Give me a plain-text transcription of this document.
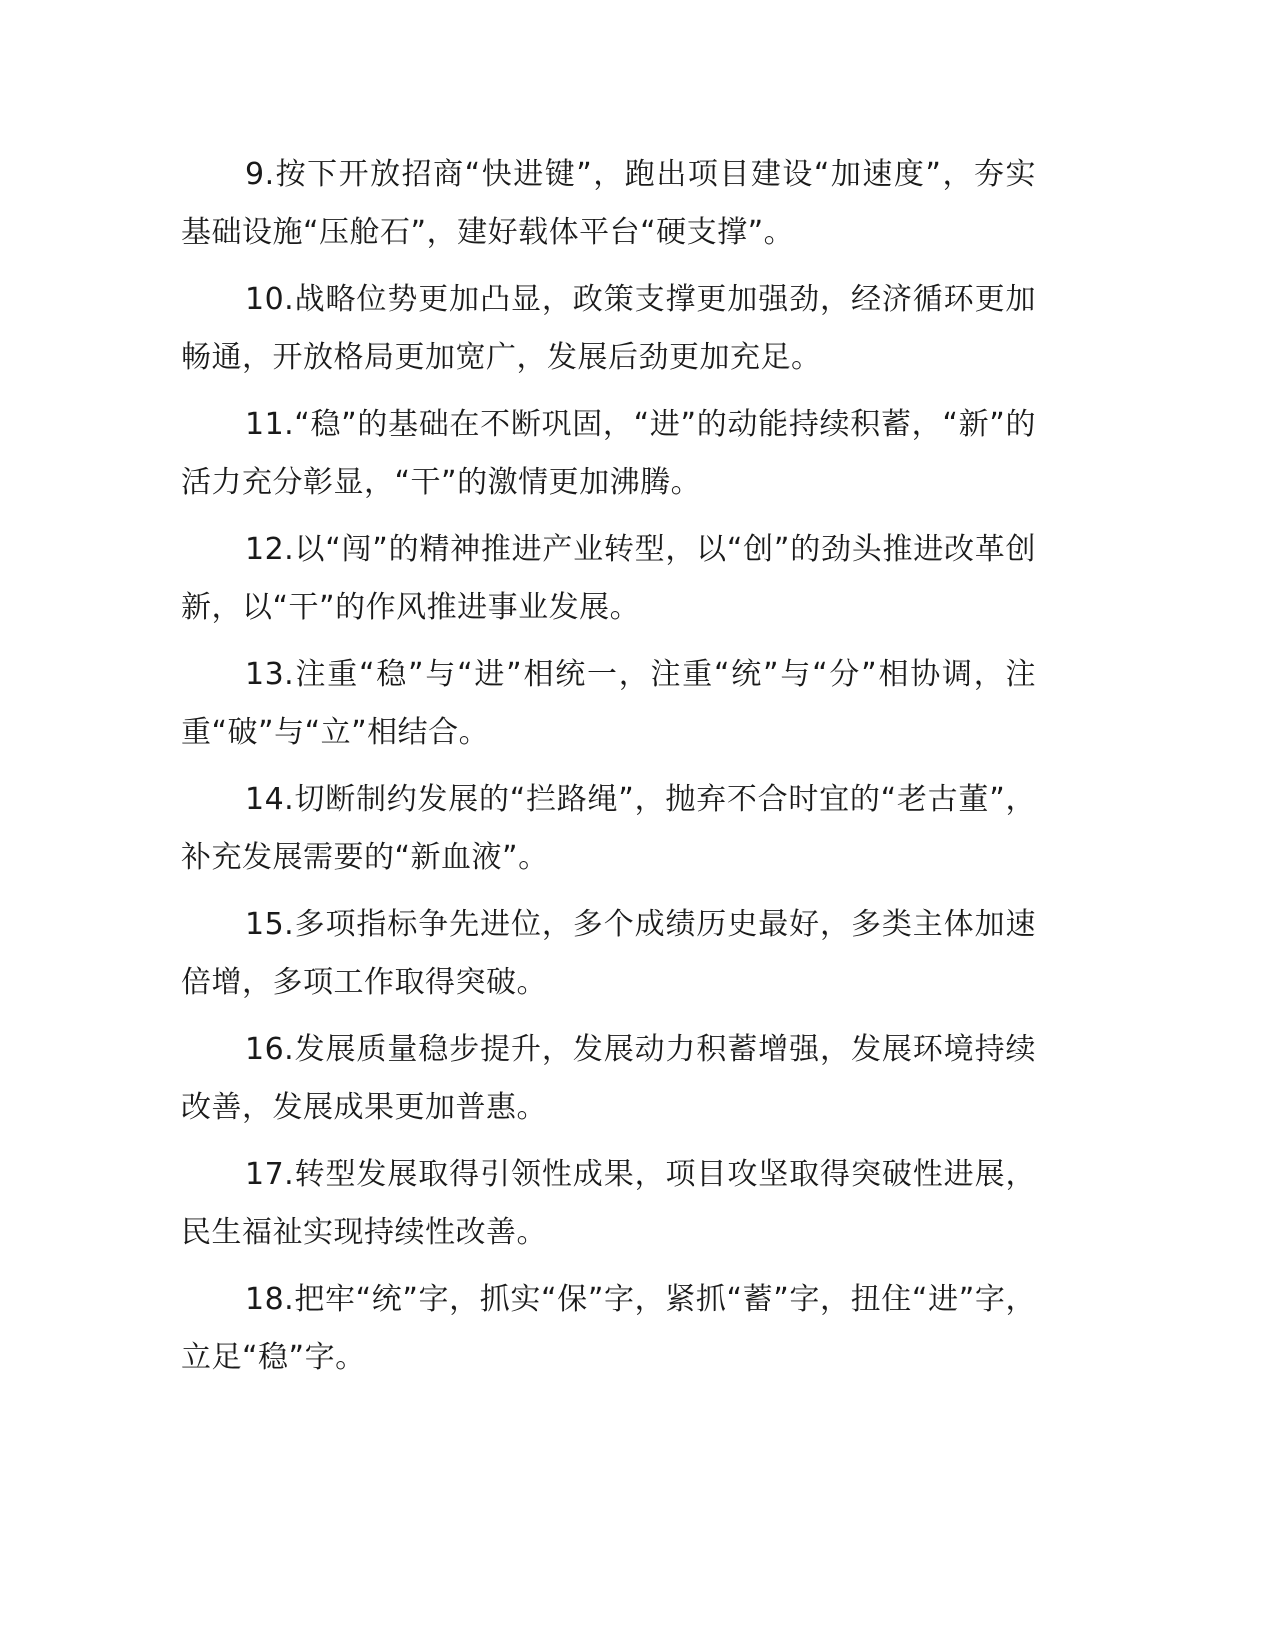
9.按下开放招商“快进键”，跑出项目建设“加速度”，夯实基础设施“压舱石”，建好载体平台“硬支撑”。

10.战略位势更加凸显，政策支撑更加强劲，经济循环更加畅通，开放格局更加宽广，发展后劲更加充足。

11.“稳”的基础在不断巩固，“进”的动能持续积蓄，“新”的活力充分彰显，“干”的激情更加沸腾。

12.以“闯”的精神推进产业转型，以“创”的劲头推进改革创新，以“干”的作风推进事业发展。

13.注重“稳”与“进”相统一，注重“统”与“分”相协调，注重“破”与“立”相结合。

14.切断制约发展的“拦路绳”，抛弃不合时宜的“老古董”，补充发展需要的“新血液”。

15.多项指标争先进位，多个成绩历史最好，多类主体加速倍增，多项工作取得突破。

16.发展质量稳步提升，发展动力积蓄增强，发展环境持续改善，发展成果更加普惠。

17.转型发展取得引领性成果，项目攻坚取得突破性进展，民生福祉实现持续性改善。

18.把牢“统”字，抓实“保”字，紧抓“蓄”字，扭住“进”字，立足“稳”字。
